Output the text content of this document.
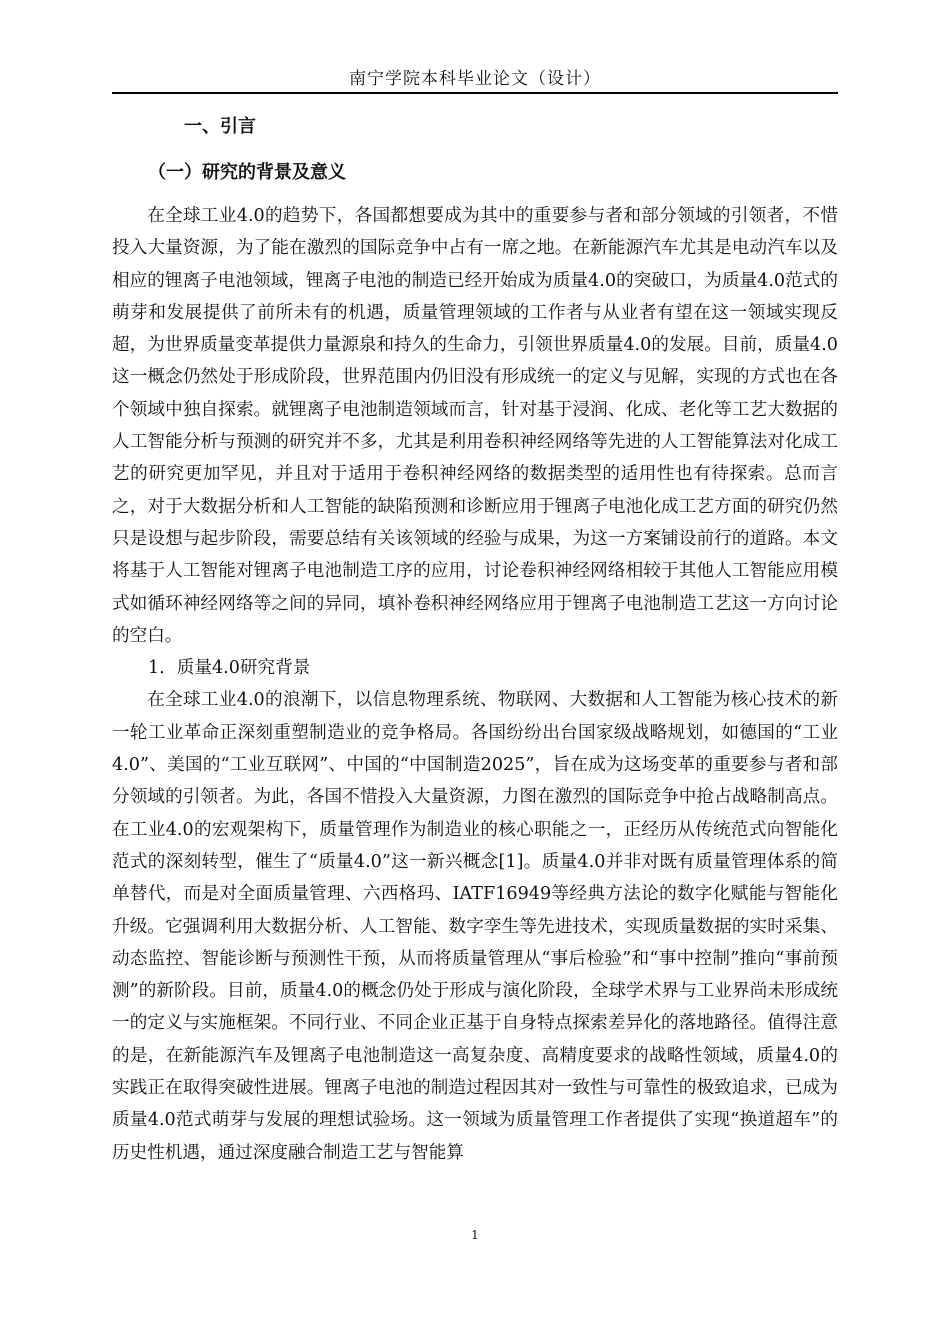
南宁学院本科毕业论文（设计）
一、引言
（一）研究的背景及意义

在全球工业4.0的趋势下，各国都想要成为其中的重要参与者和部分领域的引领者，不惜投入大量资源，为了能在激烈的国际竞争中占有一席之地。在新能源汽车尤其是电动汽车以及相应的锂离子电池领域，锂离子电池的制造已经开始成为质量4.0的突破口，为质量4.0范式的萌芽和发展提供了前所未有的机遇，质量管理领域的工作者与从业者有望在这一领域实现反超，为世界质量变革提供力量源泉和持久的生命力，引领世界质量4.0的发展。目前，质量4.0这一概念仍然处于形成阶段，世界范围内仍旧没有形成统一的定义与见解，实现的方式也在各个领域中独自探索。就锂离子电池制造领域而言，针对基于浸润、化成、老化等工艺大数据的人工智能分析与预测的研究并不多，尤其是利用卷积神经网络等先进的人工智能算法对化成工艺的研究更加罕见，并且对于适用于卷积神经网络的数据类型的适用性也有待探索。总而言之，对于大数据分析和人工智能的缺陷预测和诊断应用于锂离子电池化成工艺方面的研究仍然只是设想与起步阶段，需要总结有关该领域的经验与成果，为这一方案铺设前行的道路。本文将基于人工智能对锂离子电池制造工序的应用，讨论卷积神经网络相较于其他人工智能应用模式如循环神经网络等之间的异同，填补卷积神经网络应用于锂离子电池制造工艺这一方向讨论的空白。

1．质量4.0研究背景

在全球工业4.0的浪潮下，以信息物理系统、物联网、大数据和人工智能为核心技术的新一轮工业革命正深刻重塑制造业的竞争格局。各国纷纷出台国家级战略规划，如德国的“工业4.0”、美国的“工业互联网”、中国的“中国制造2025”，旨在成为这场变革的重要参与者和部分领域的引领者。为此，各国不惜投入大量资源，力图在激烈的国际竞争中抢占战略制高点。在工业4.0的宏观架构下，质量管理作为制造业的核心职能之一，正经历从传统范式向智能化范式的深刻转型，催生了“质量4.0”这一新兴概念[1]。质量4.0并非对既有质量管理体系的简单替代，而是对全面质量管理、六西格玛、IATF16949等经典方法论的数字化赋能与智能化升级。它强调利用大数据分析、人工智能、数字孪生等先进技术，实现质量数据的实时采集、动态监控、智能诊断与预测性干预，从而将质量管理从“事后检验”和“事中控制”推向“事前预测”的新阶段。目前，质量4.0的概念仍处于形成与演化阶段，全球学术界与工业界尚未形成统一的定义与实施框架。不同行业、不同企业正基于自身特点探索差异化的落地路径。值得注意的是，在新能源汽车及锂离子电池制造这一高复杂度、高精度要求的战略性领域，质量4.0的实践正在取得突破性进展。锂离子电池的制造过程因其对一致性与可靠性的极致追求，已成为质量4.0范式萌芽与发展的理想试验场。这一领域为质量管理工作者提供了实现“换道超车”的历史性机遇，通过深度融合制造工艺与智能算

1
